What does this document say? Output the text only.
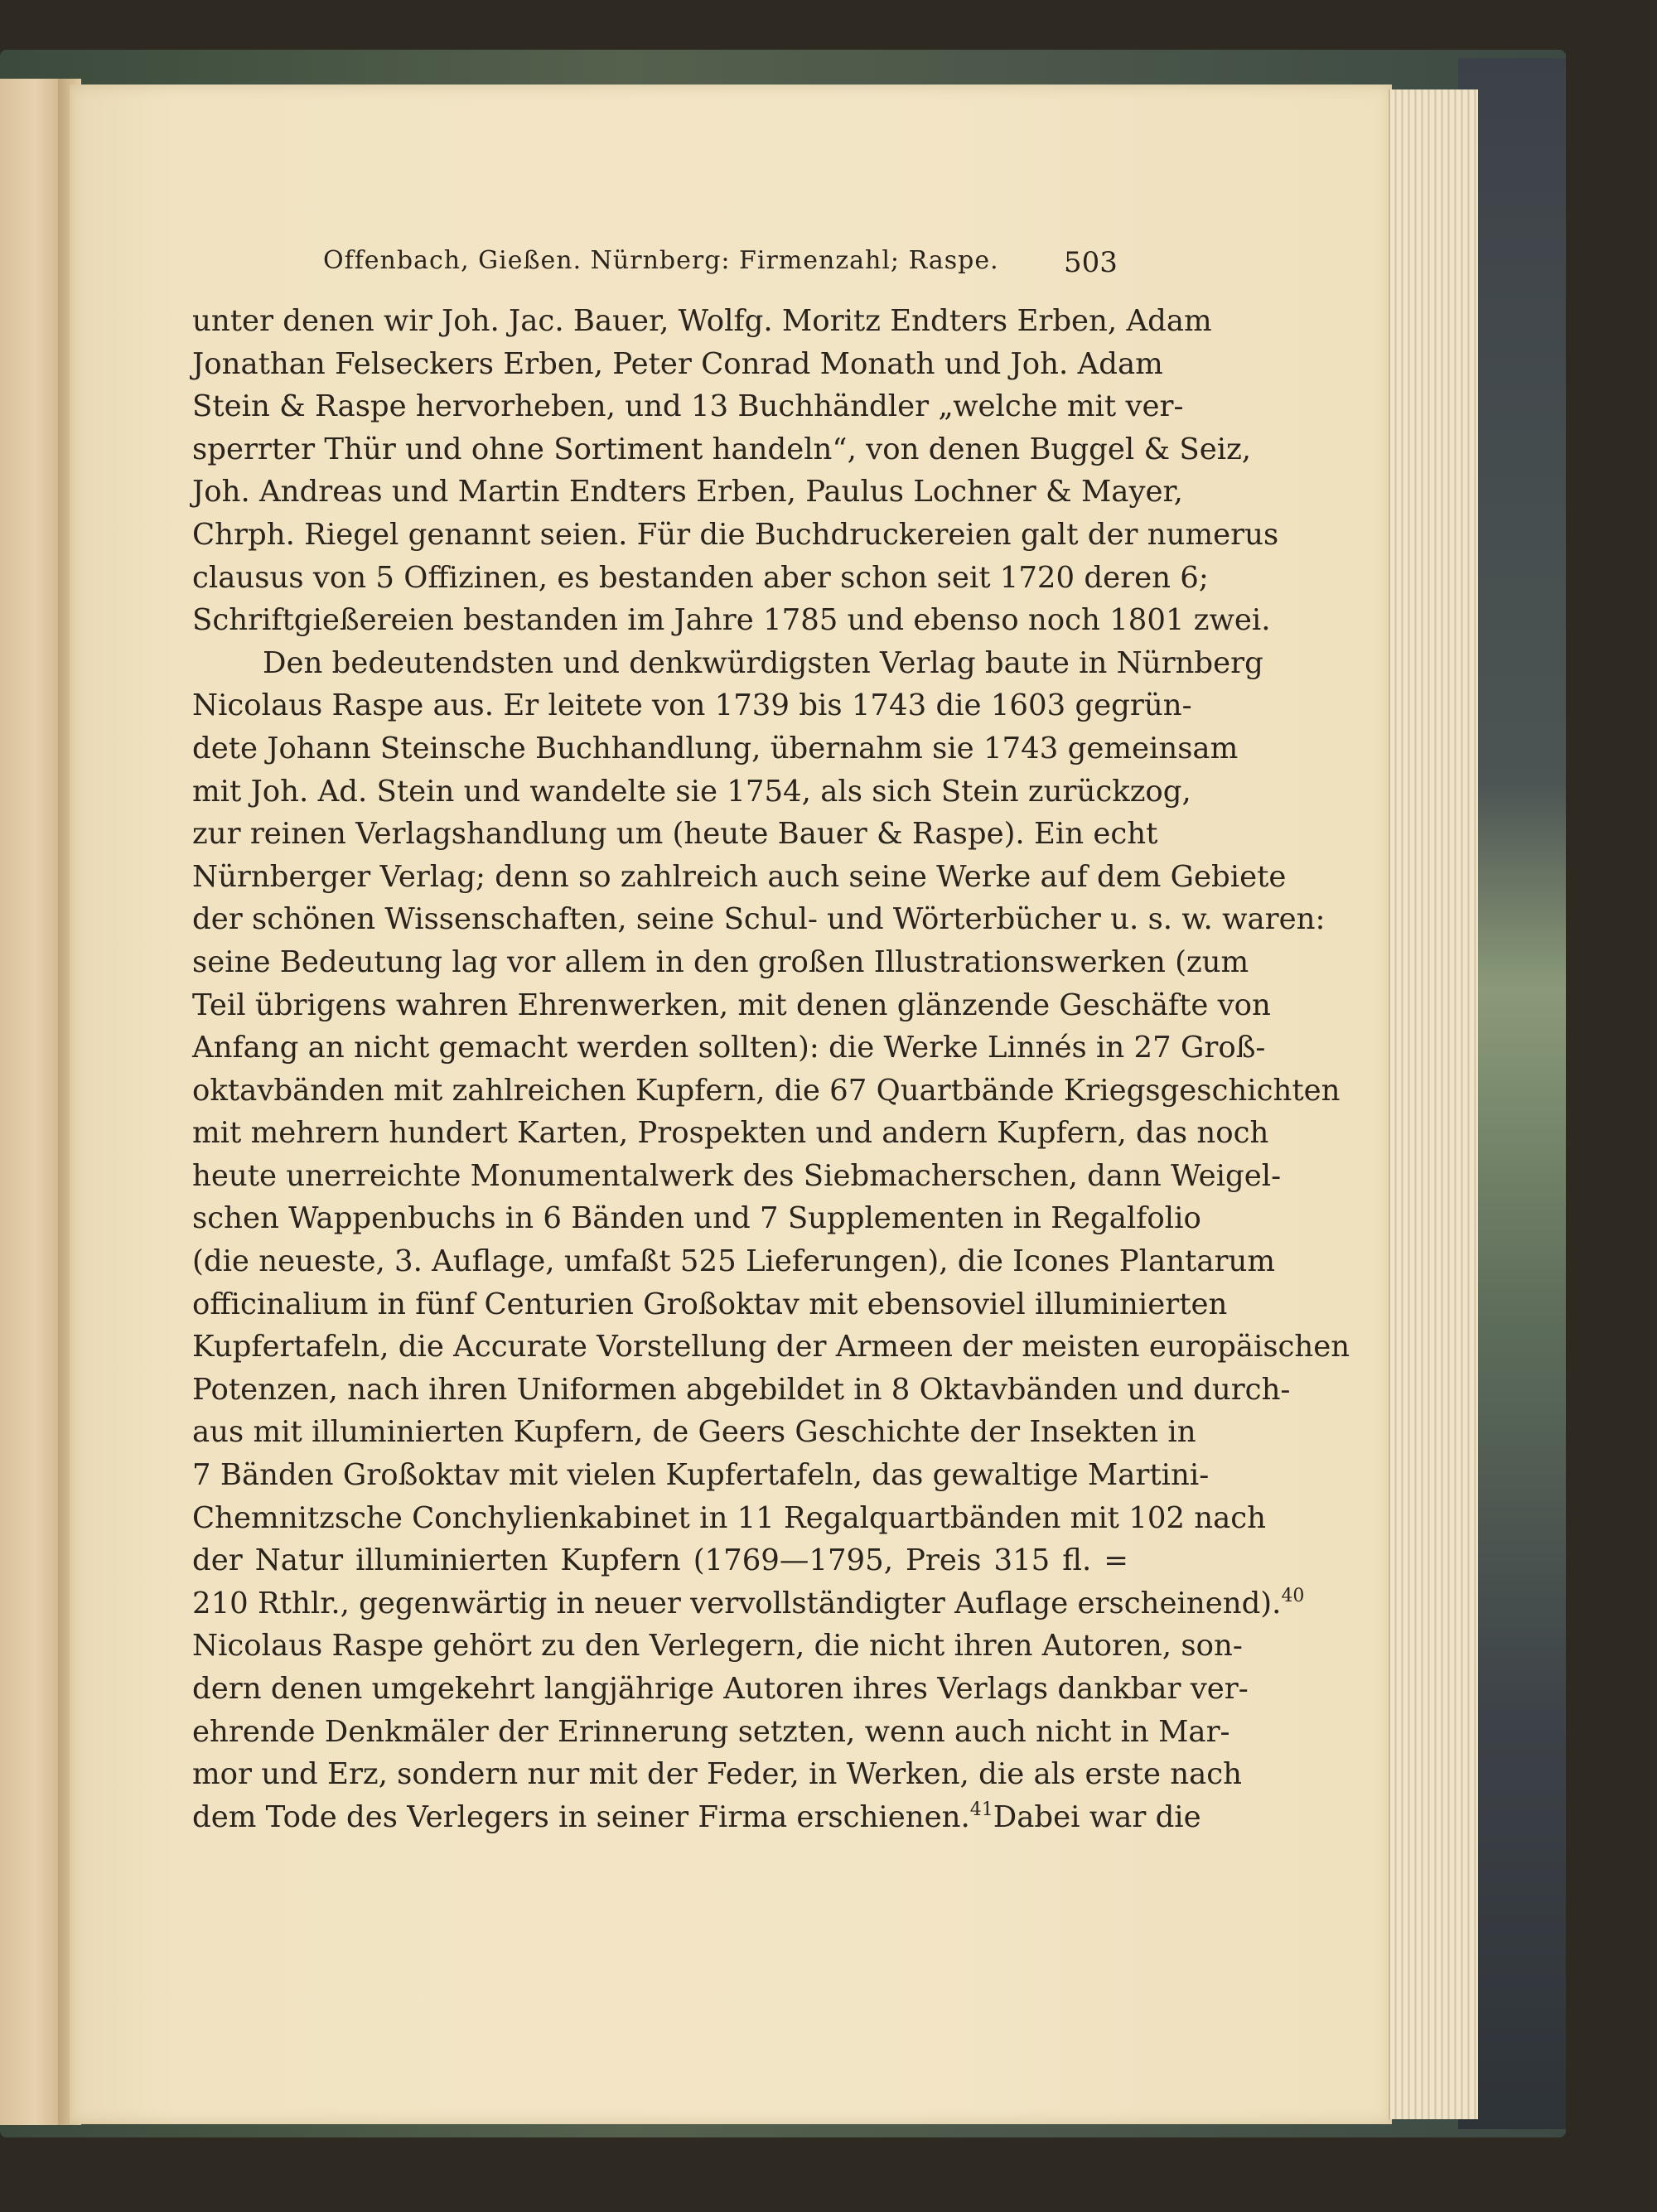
Offenbach, Gießen. Nürnberg: Firmenzahl; Raspe.	503
unter denen wir Joh. Jac. Bauer, Wolfg. Moritz Endters Erben, Adam
Jonathan Felseckers Erben, Peter Conrad Monath und Joh. Adam
Stein & Raspe hervorheben, und 13 Buchhändler „welche mit ver-
sperrter Thür und ohne Sortiment handeln“, von denen Buggel & Seiz,
Joh. Andreas und Martin Endters Erben, Paulus Lochner & Mayer,
Chrph. Riegel genannt seien. Für die Buchdruckereien galt der numerus
clausus von 5 Offizinen, es bestanden aber schon seit 1720 deren 6;
Schriftgießereien bestanden im Jahre 1785 und ebenso noch 1801 zwei.
Den bedeutendsten und denkwürdigsten Verlag baute in Nürnberg
Nicolaus Raspe aus. Er leitete von 1739 bis 1743 die 1603 gegrün-
dete Johann Steinsche Buchhandlung, übernahm sie 1743 gemeinsam
mit Joh. Ad. Stein und wandelte sie 1754, als sich Stein zurückzog,
zur reinen Verlagshandlung um (heute Bauer & Raspe). Ein echt
Nürnberger Verlag; denn so zahlreich auch seine Werke auf dem Gebiete
der schönen Wissenschaften, seine Schul- und Wörterbücher u. s. w. waren:
seine Bedeutung lag vor allem in den großen Illustrationswerken (zum
Teil übrigens wahren Ehrenwerken, mit denen glänzende Geschäfte von
Anfang an nicht gemacht werden sollten): die Werke Linnés in 27 Groß-
oktavbänden mit zahlreichen Kupfern, die 67 Quartbände Kriegsgeschichten
mit mehrern hundert Karten, Prospekten und andern Kupfern, das noch
heute unerreichte Monumentalwerk des Siebmacherschen, dann Weigel-
schen Wappenbuchs in 6 Bänden und 7 Supplementen in Regalfolio
(die neueste, 3. Auflage, umfaßt 525 Lieferungen), die Icones Plantarum
officinalium in fünf Centurien Großoktav mit ebensoviel illuminierten
Kupfertafeln, die Accurate Vorstellung der Armeen der meisten europäischen
Potenzen, nach ihren Uniformen abgebildet in 8 Oktavbänden und durch-
aus mit illuminierten Kupfern, de Geers Geschichte der Insekten in
7 Bänden Großoktav mit vielen Kupfertafeln, das gewaltige Martini-
Chemnitzsche Conchylienkabinet in 11 Regalquartbänden mit 102 nach
der Natur illuminierten Kupfern (1769—1795, Preis 315 fl. =
210 Rthlr., gegenwärtig in neuer vervollständigter Auflage erscheinend).$^{40}$
Nicolaus Raspe gehört zu den Verlegern, die nicht ihren Autoren, son-
dern denen umgekehrt langjährige Autoren ihres Verlags dankbar ver-
ehrende Denkmäler der Erinnerung setzten, wenn auch nicht in Mar-
mor und Erz, sondern nur mit der Feder, in Werken, die als erste nach
dem Tode des Verlegers in seiner Firma erschienen.$^{41}$ Dabei war die
